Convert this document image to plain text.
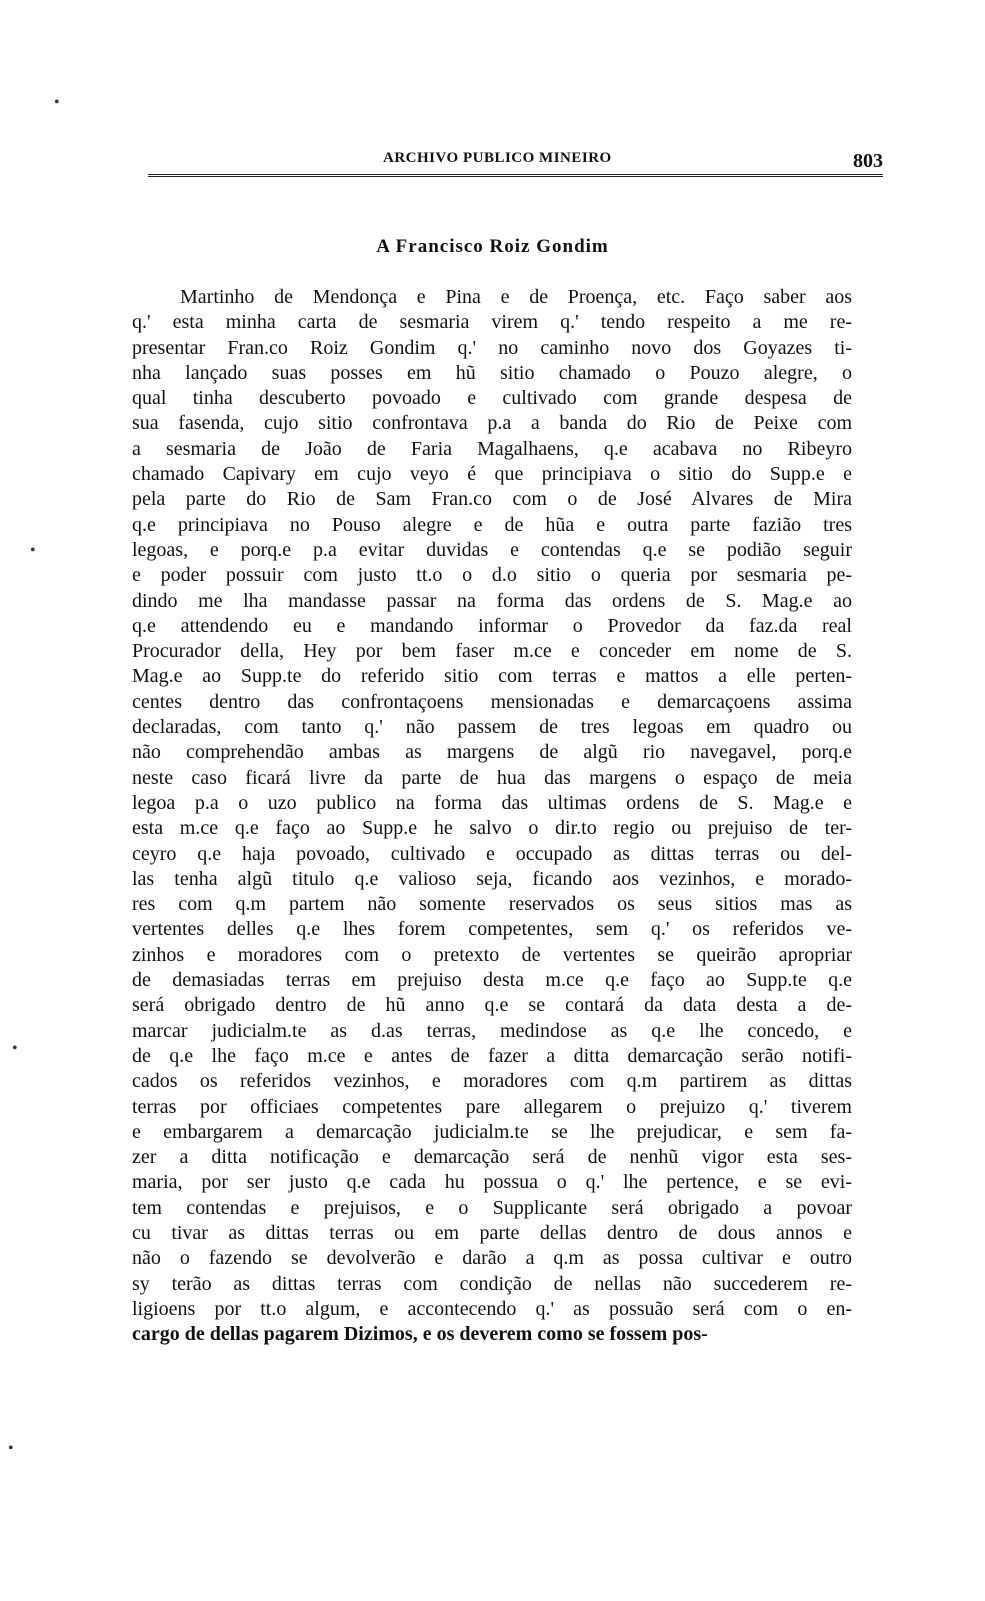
ARCHIVO PUBLICO MINEIRO	803
A Francisco Roiz Gondim
Martinho de Mendonça e Pina e de Proença, etc. Faço saber aos
q.' esta minha carta de sesmaria virem q.' tendo respeito a me re-
presentar Fran.co Roiz Gondim q.' no caminho novo dos Goyazes ti-
nha lançado suas posses em hũ sitio chamado o Pouzo alegre, o
qual tinha descuberto povoado e cultivado com grande despesa de
sua fasenda, cujo sitio confrontava p.a a banda do Rio de Peixe com
a sesmaria de João de Faria Magalhaens, q.e acabava no Ribeyro
chamado Capivary em cujo veyo é que principiava o sitio do Supp.e e
pela parte do Rio de Sam Fran.co com o de José Alvares de Mira
q.e principiava no Pouso alegre e de hũa e outra parte fazião tres
legoas, e porq.e p.a evitar duvidas e contendas q.e se podião seguir
e poder possuir com justo tt.o o d.o sitio o queria por sesmaria pe-
dindo me lha mandasse passar na forma das ordens de S. Mag.e ao
q.e attendendo eu e mandando informar o Provedor da faz.da real
Procurador della, Hey por bem faser m.ce e conceder em nome de S.
Mag.e ao Supp.te do referido sitio com terras e mattos a elle perten-
centes dentro das confrontaçoens mensionadas e demarcaçoens assima
declaradas, com tanto q.' não passem de tres legoas em quadro ou
não comprehendão ambas as margens de algũ rio navegavel, porq.e
neste caso ficará livre da parte de hua das margens o espaço de meia
legoa p.a o uzo publico na forma das ultimas ordens de S. Mag.e e
esta m.ce q.e faço ao Supp.e he salvo o dir.to regio ou prejuiso de ter-
ceyro q.e haja povoado, cultivado e occupado as dittas terras ou del-
las tenha algũ titulo q.e valioso seja, ficando aos vezinhos, e morado-
res com q.m partem não somente reservados os seus sitios mas as
vertentes delles q.e lhes forem competentes, sem q.' os referidos ve-
zinhos e moradores com o pretexto de vertentes se queirão apropriar
de demasiadas terras em prejuiso desta m.ce q.e faço ao Supp.te q.e
será obrigado dentro de hũ anno q.e se contará da data desta a de-
marcar judicialm.te as d.as terras, medindose as q.e lhe concedo, e
de q.e lhe faço m.ce e antes de fazer a ditta demarcação serão notifi-
cados os referidos vezinhos, e moradores com q.m partirem as dittas
terras por officiaes competentes pare allegarem o prejuizo q.' tiverem
e embargarem a demarcação judicialm.te se lhe prejudicar, e sem fa-
zer a ditta notificação e demarcação será de nenhũ vigor esta ses-
maria, por ser justo q.e cada hu possua o q.' lhe pertence, e se evi-
tem contendas e prejuisos, e o Supplicante será obrigado a povoar
cu tivar as dittas terras ou em parte dellas dentro de dous annos e
não o fazendo se devolverão e darão a q.m as possa cultivar e outro
sy terão as dittas terras com condição de nellas não succederem re-
ligioens por tt.o algum, e accontecendo q.' as possuão será com o en-
cargo de dellas pagarem Dizimos, e os deverem como se fossem pos-
•
•
•
•
